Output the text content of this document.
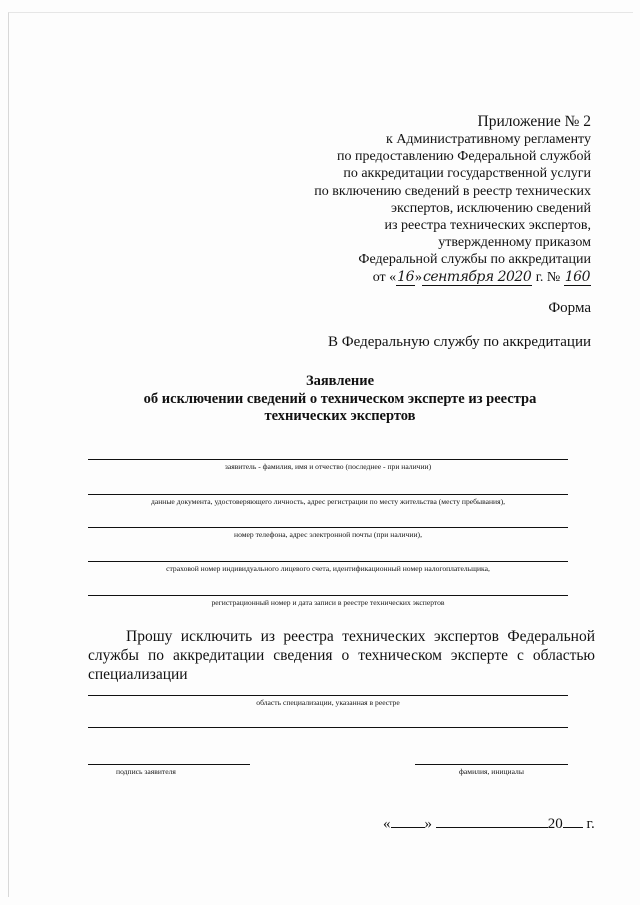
Приложение № 2
к Административному регламенту
по предоставлению Федеральной службой
по аккредитации государственной услуги
по включению сведений в реестр технических
экспертов, исключению сведений
из реестра технических экспертов,
утвержденному приказом
Федеральной службы по аккредитации
от «16»сентября 2020 г. № 160
Форма
В Федеральную службу по аккредитации
Заявление
об исключении сведений о техническом эксперте из реестра
технических экспертов
заявитель - фамилия, имя и отчество (последнее - при наличии)
данные документа, удостоверяющего личность, адрес регистрации по месту жительства (месту пребывания),
номер телефона, адрес электронной почты (при наличии),
страховой номер индивидуального лицевого счета, идентификационный номер налогоплательщика,
регистрационный номер и дата записи в реестре технических экспертов
Прошу исключить из реестра технических экспертов Федеральной службы по аккредитации сведения о техническом эксперте с областью специализации
область специализации, указанная в реестре
подпись заявителя	фамилия, инициалы
« »	20 г.
